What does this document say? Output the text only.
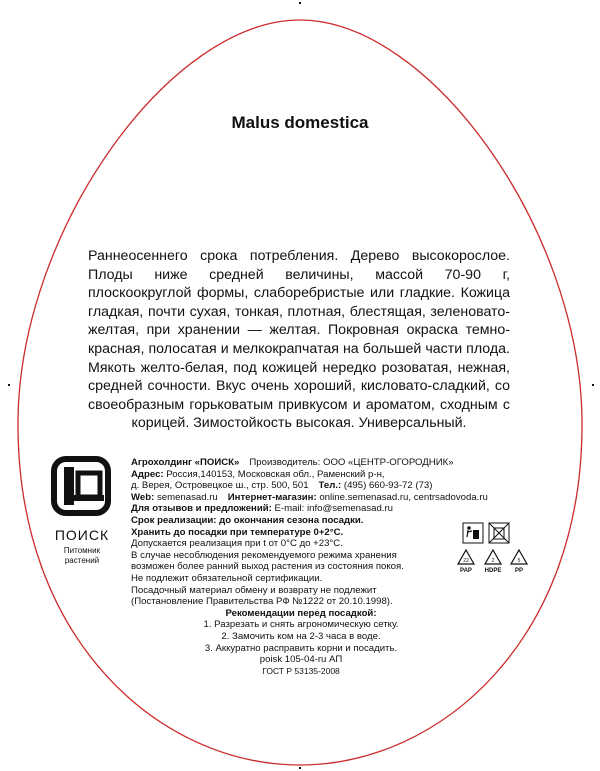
Malus domestica
Раннеосеннего срока потребления. Дерево высокорослое. Плоды ниже средней величины, массой 70-90 г, плоскоокруглой формы, слаборебристые или гладкие. Кожица гладкая, почти сухая, тонкая, плотная, блестящая, зеленовато-желтая, при хранении — желтая. Покровная окраска темно-красная, полосатая и мелкокрапчатая на большей части плода. Мякоть желто-белая, под кожицей нередко розоватая, нежная, средней сочности. Вкус очень хороший, кисловато-сладкий, со своеобразным горьковатым привкусом и ароматом, сходным с корицей. Зимостойкость высокая. Универсальный.
ПОИСК
Питомник
растений
Агрохолдинг «ПОИСК» Производитель: ООО «ЦЕНТР-ОГОРОДНИК»
Адрес: Россия,140153, Московская обл., Раменский р-н,
д. Верея, Островецкое ш., стр. 500, 501 Тел.: (495) 660-93-72 (73)
Web: semenasad.ru Интернет-магазин: online.semenasad.ru, centrsadovoda.ru
Для отзывов и предложений: E-mail: info@semenasad.ru
Срок реализации: до окончания сезона посадки.
Хранить до посадки при температуре 0+2°С.
Допускается реализация при t от 0°С до +23°С.
В случае несоблюдения рекомендуемого режима хранения
возможен более ранний выход растения из состояния покоя.
Не подлежит обязательной сертификации.
Посадочный материал обмену и возврату не подлежит
(Постановление Правительства РФ №1222 от 20.10.1998).
Рекомендации перед посадкой:
1. Разрезать и снять агрономическую сетку.
2. Замочить ком на 2-3 часа в воде.
3. Аккуратно расправить корни и посадить.
poisk 105-04-ru АП
ГОСТ Р 53135-2008
22
PAP
2
HDPE
5
PP
